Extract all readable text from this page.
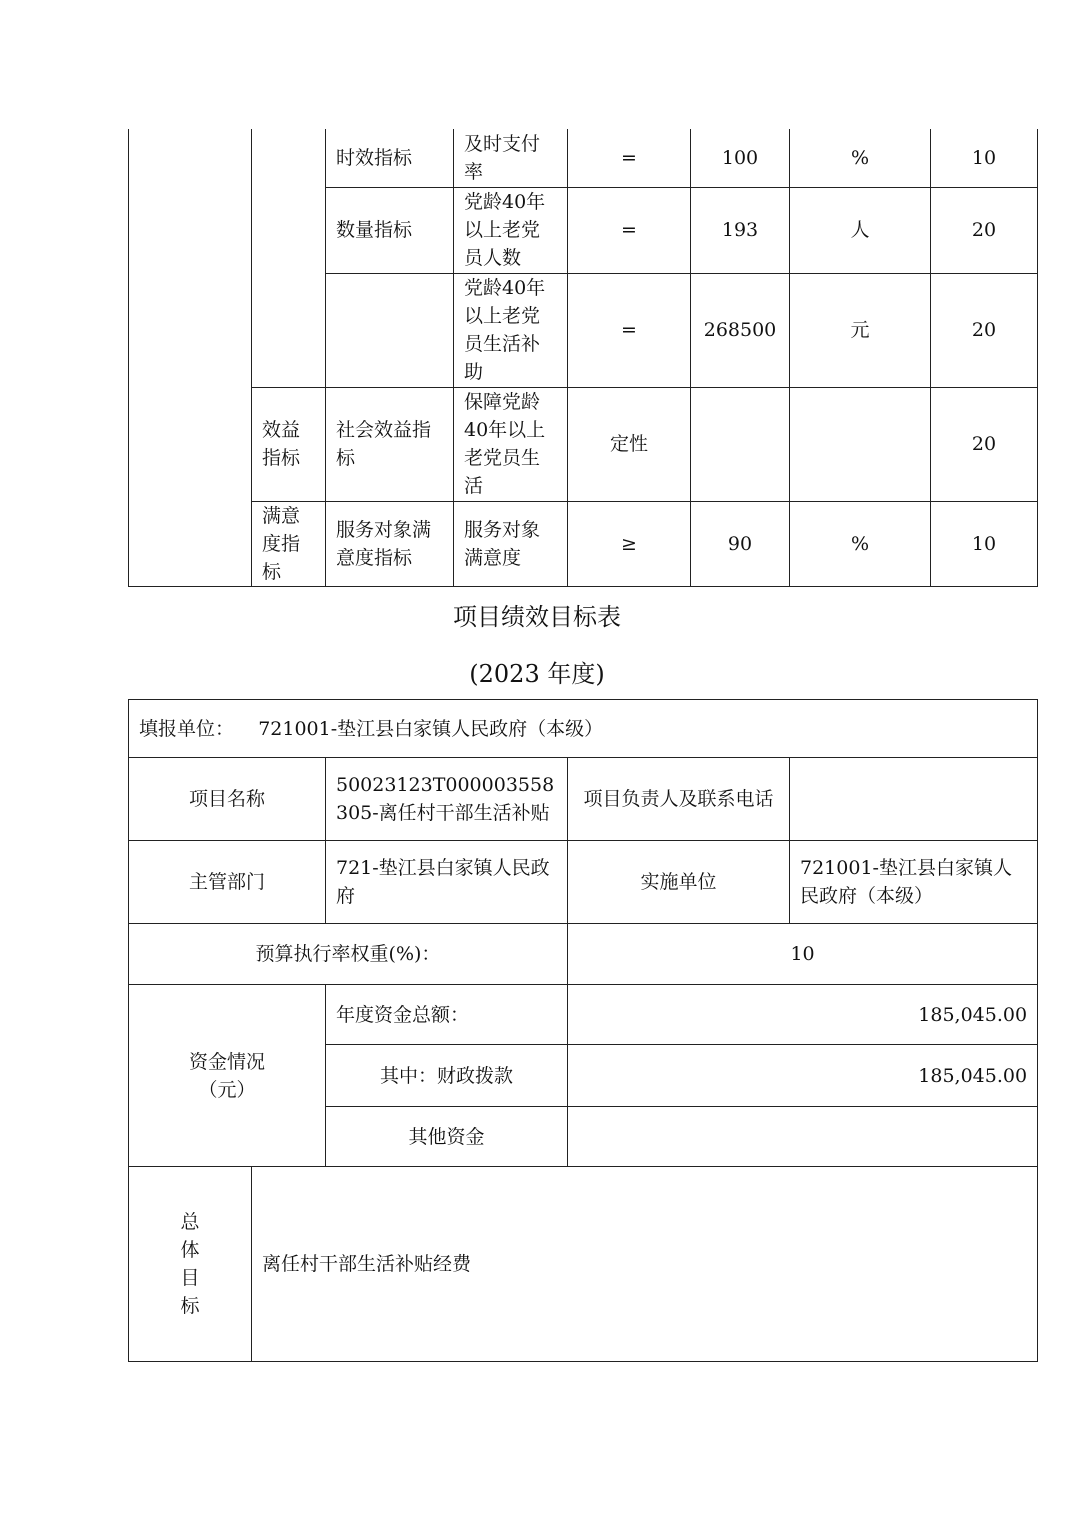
		时效指标	及时支付率	=	100	%	10
		数量指标	党龄40年以上老党员人数	=	193	人	20
			党龄40年以上老党员生活补助	=	268500	元	20
	效益指标	社会效益指标	保障党龄40年以上老党员生活	定性			20
	满意度指标	服务对象满意度指标	服务对象满意度	≥	90	%	10
项目绩效目标表
(2023 年度)
填报单位： 721001-垫江县白家镇人民政府（本级）				
项目名称		50023123T000003558305-离任村干部生活补贴	项目负责人及联系电话	
主管部门		721-垫江县白家镇人民政府	实施单位	721001-垫江县白家镇人民政府（本级）
预算执行率权重(%)：			10	

资金情况（元）		年度资金总额：	185,045.00	
		其中：财政拨款	185,045.00	
		其他资金		

总体目标	离任村干部生活补贴经费			
